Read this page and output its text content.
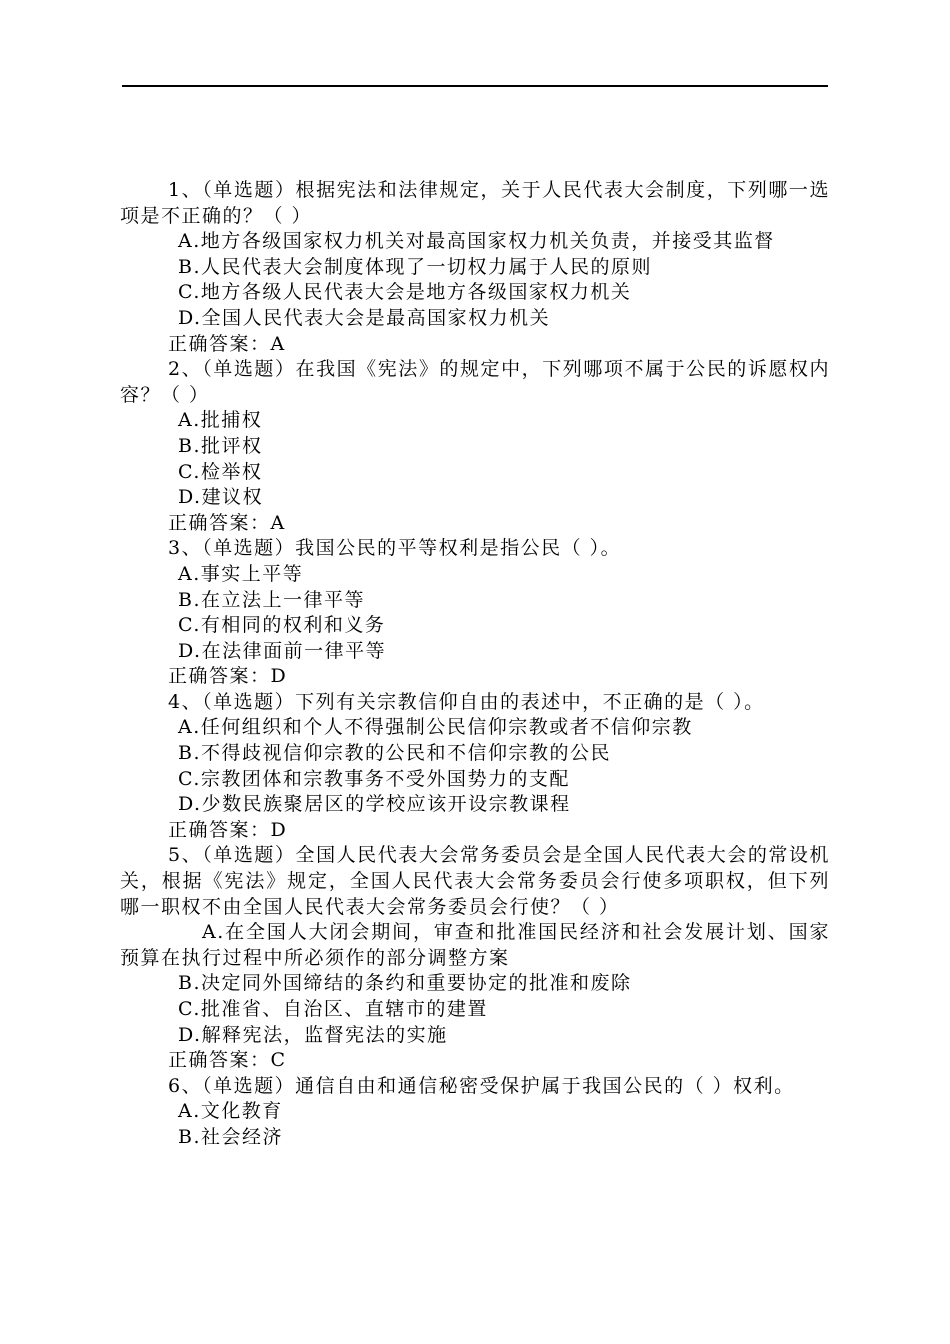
1、（单选题）根据宪法和法律规定，关于人民代表大会制度，下列哪一选项是不正确的？（ ）

A.地方各级国家权力机关对最高国家权力机关负责，并接受其监督

B.人民代表大会制度体现了一切权力属于人民的原则

C.地方各级人民代表大会是地方各级国家权力机关

D.全国人民代表大会是最高国家权力机关

正确答案：A

2、（单选题）在我国《宪法》的规定中，下列哪项不属于公民的诉愿权内容？（ ）

A.批捕权

B.批评权

C.检举权

D.建议权

正确答案：A

3、（单选题）我国公民的平等权利是指公民（ ）。

A.事实上平等

B.在立法上一律平等

C.有相同的权利和义务

D.在法律面前一律平等

正确答案：D

4、（单选题）下列有关宗教信仰自由的表述中，不正确的是（ ）。

A.任何组织和个人不得强制公民信仰宗教或者不信仰宗教

B.不得歧视信仰宗教的公民和不信仰宗教的公民

C.宗教团体和宗教事务不受外国势力的支配

D.少数民族聚居区的学校应该开设宗教课程

正确答案：D

5、（单选题）全国人民代表大会常务委员会是全国人民代表大会的常设机关，根据《宪法》规定，全国人民代表大会常务委员会行使多项职权，但下列哪一职权不由全国人民代表大会常务委员会行使？（ ）

A.在全国人大闭会期间，审查和批准国民经济和社会发展计划、国家预算在执行过程中所必须作的部分调整方案

B.决定同外国缔结的条约和重要协定的批准和废除

C.批准省、自治区、直辖市的建置

D.解释宪法，监督宪法的实施

正确答案：C

6、（单选题）通信自由和通信秘密受保护属于我国公民的（ ）权利。

A.文化教育

B.社会经济
